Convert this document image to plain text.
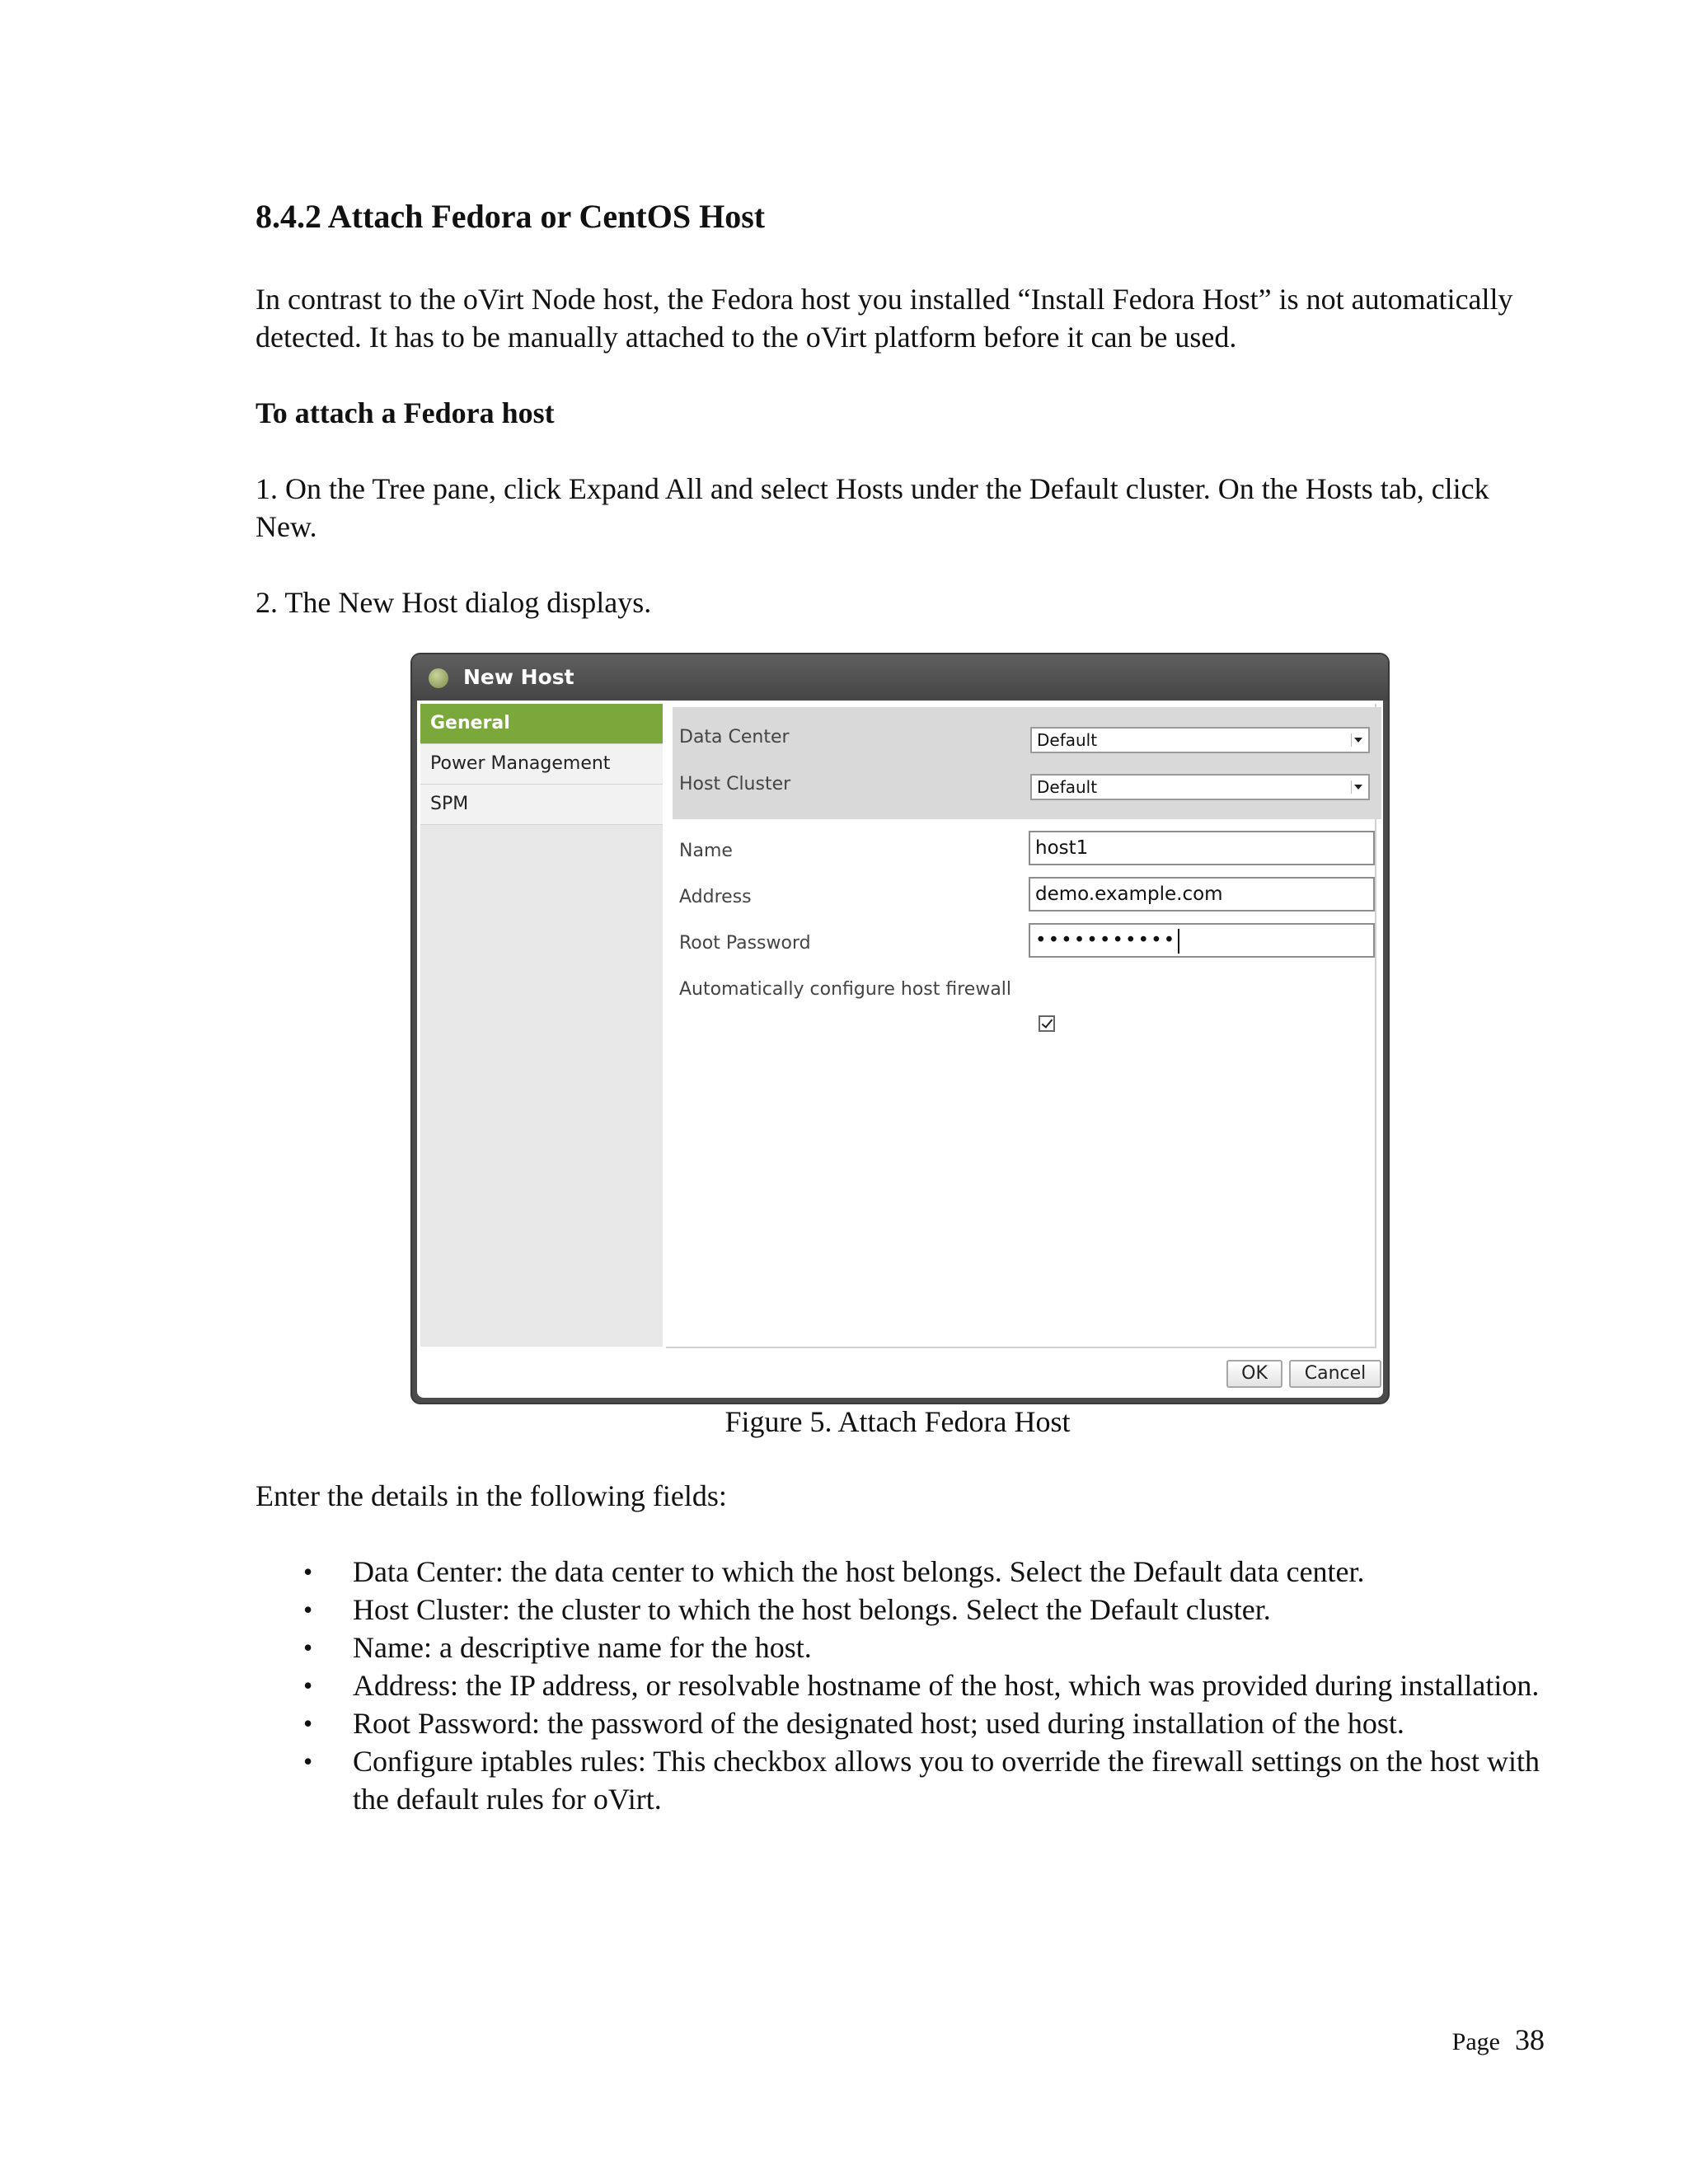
8.4.2 Attach Fedora or CentOS Host

In contrast to the oVirt Node host, the Fedora host you installed “Install Fedora Host” is not automatically detected. It has to be manually attached to the oVirt platform before it can be used.

To attach a Fedora host

1. On the Tree pane, click Expand All and select Hosts under the Default cluster. On the Hosts tab, click New.

2. The New Host dialog displays.

New Host
General
Power Management
SPM
Data Center	Default
Host Cluster	Default
Name	host1
Address	demo.example.com
Root Password	•••••••••••
Automatically configure host firewall
OK	Cancel
Figure 5. Attach Fedora Host

Enter the details in the following fields:

• Data Center: the data center to which the host belongs. Select the Default data center.
• Host Cluster: the cluster to which the host belongs. Select the Default cluster.
• Name: a descriptive name for the host.
• Address: the IP address, or resolvable hostname of the host, which was provided during installation.
• Root Password: the password of the designated host; used during installation of the host.
• Configure iptables rules: This checkbox allows you to override the firewall settings on the host with the default rules for oVirt.
Page 38
